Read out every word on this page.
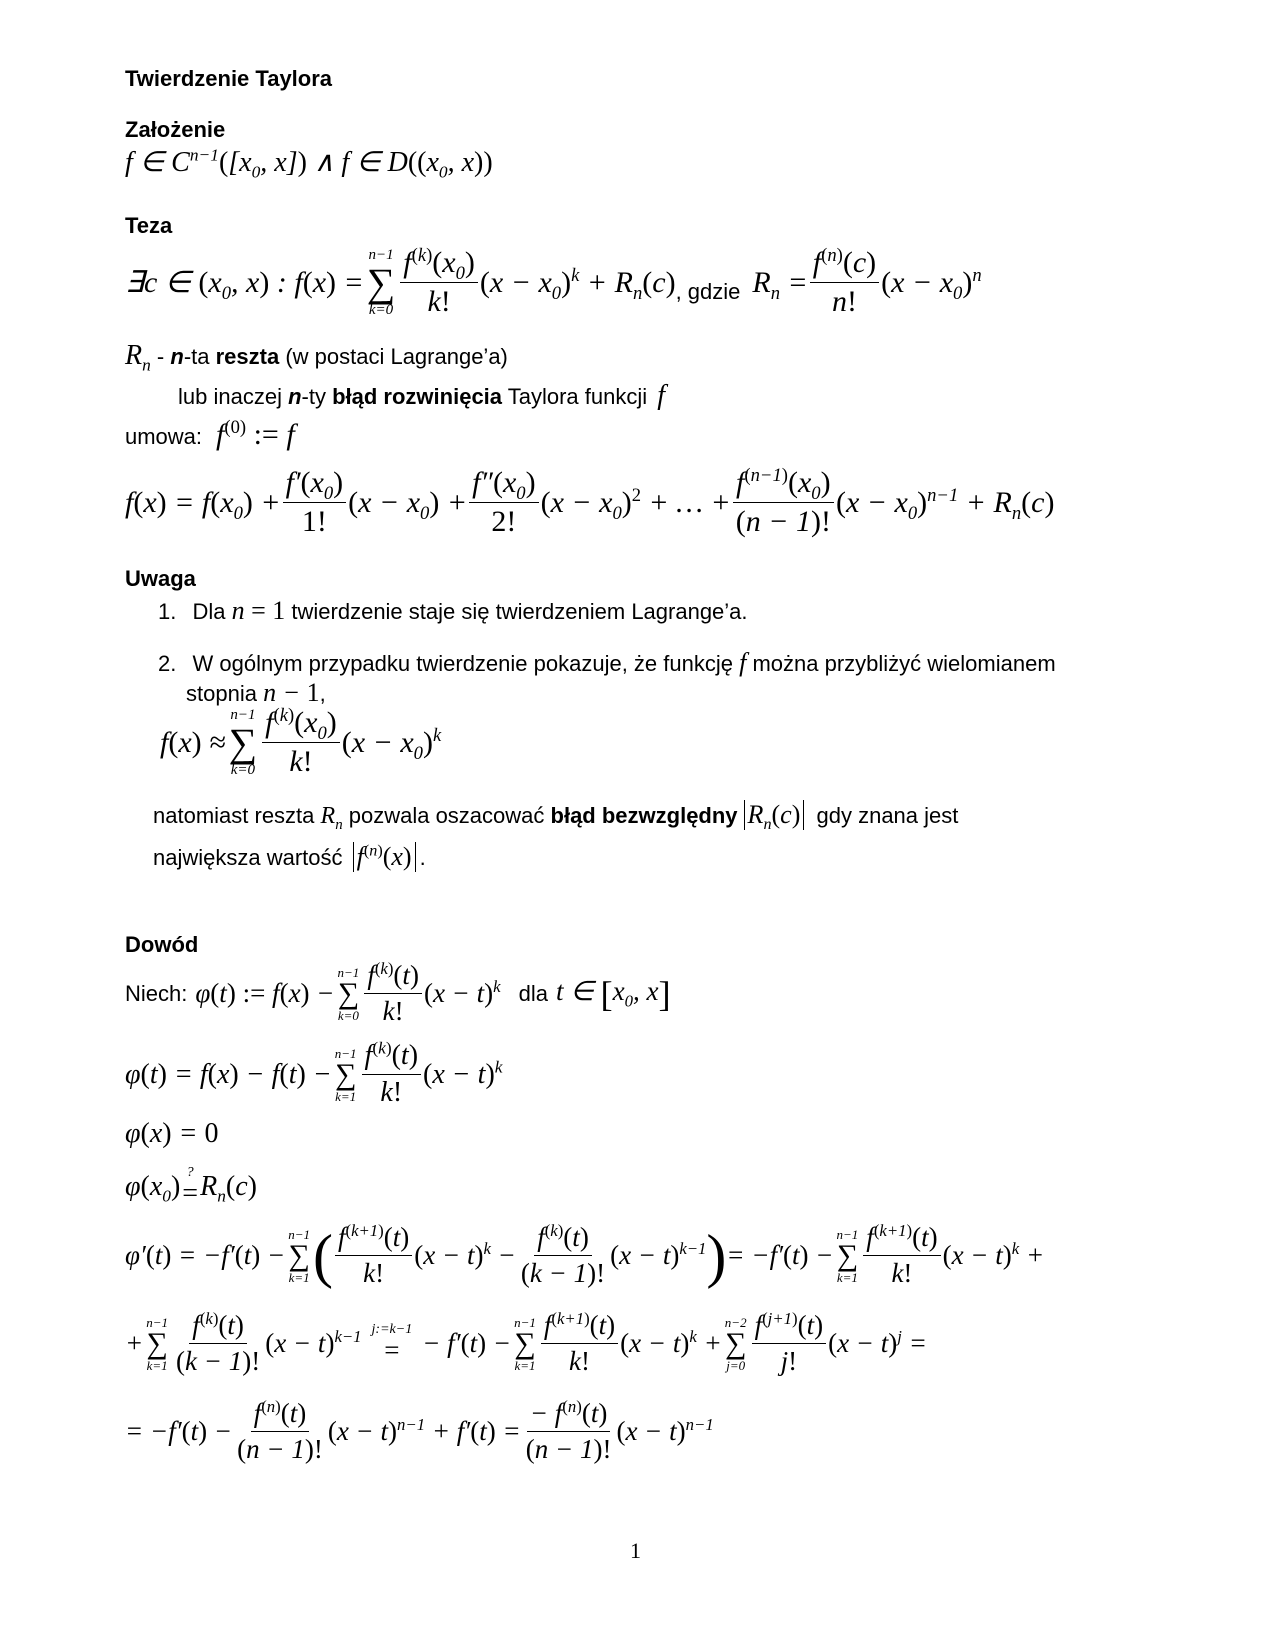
Twierdzenie Taylora
Założenie
f ∈ $C^{n-1}([x_0$, x]) ∧ f ∈ $D((x_0$, x))
Teza
∃c ∈ ($x_0$, x) : f(x) =
n−1
∑
$k=0 \frac{f^{(k)}(x_0)}{k!} (x - x_0)^k + R_n(c)$ , gdzie $R_n = \frac{f^{(n)}(c)}{n!} (x - x_0)^n$
$R_n$ - n -ta reszta (w postaci Lagrange’a)
lub inaczej n -ty błąd rozwinięcia Taylora funkcji f
umowa: $f^{(0)}$ := f
$f(x) = f(x_0) + \frac{f'(x_0)}{1!} (x - x_0) + \frac{f''(x_0)}{2!} (x - x_0)^2$ + … + $\frac{f^{(n-1)}(x_0)}{(n - 1)!} (x - x_0)^{n-1} + R_n(c)$
Uwaga
1. Dla n = 1 twierdzenie staje się twierdzeniem Lagrange’a.
2. W ogólnym przypadku twierdzenie pokazuje, że funkcję f można przybliżyć wielomianem
stopnia n − 1,
f(x) ≈
n−1
∑
$k=0 \frac{f^{(k)}(x_0)}{k!} (x - x_0)^k$
natomiast reszta $R_n$ pozwala oszacować błąd bezwzględny $R_n(c)$ gdy znana jest
największa wartość $f^{(n)}(x)$ .
Dowód
Niech: φ(t) := f(x) −
n−1
∑
$k=0 \frac{f^{(k)}(t)}{k!} (x - t)^k$ dla t ∈ [$x_0$, x]
φ(t) = f(x) − f(t) −
n−1
∑
$k=1 \frac{f^{(k)}(t)}{k!} (x - t)^k$
φ(x) = 0
$\varphi(x_0)$ ?
= $R_n(c)$
φ′(t) = −f′(t) −
n−1
∑
k=1 ( $\frac{f^{(k+1)}(t)}{k!} (x - t)^k - \frac{f^{(k)}(t)}{(k - 1)!} (x - t)^{k-1}$ ) = −f′(t) −
n−1
∑
$k=1 \frac{f^{(k+1)}(t)}{k!} (x - t)^k$ +
+
n−1
∑
$k=1 \frac{f^{(k)}(t)}{(k - 1)!} (x - t)^{k-1}$ j:=k−1
= − f′(t) −
n−1
∑
$k=1 \frac{f^{(k+1)}(t)}{k!} (x - t)^k$ +
n−2
∑
$j=0 \frac{f^{(j+1)}(t)}{j!} (x - t)^j$ =
= $-f'(t) - \frac{f^{(n)}(t)}{(n - 1)!} (x - t)^{n-1} + f'(t) = \frac{- f^{(n)}(t)}{(n - 1)!} (x - t)^{n-1}$
1
